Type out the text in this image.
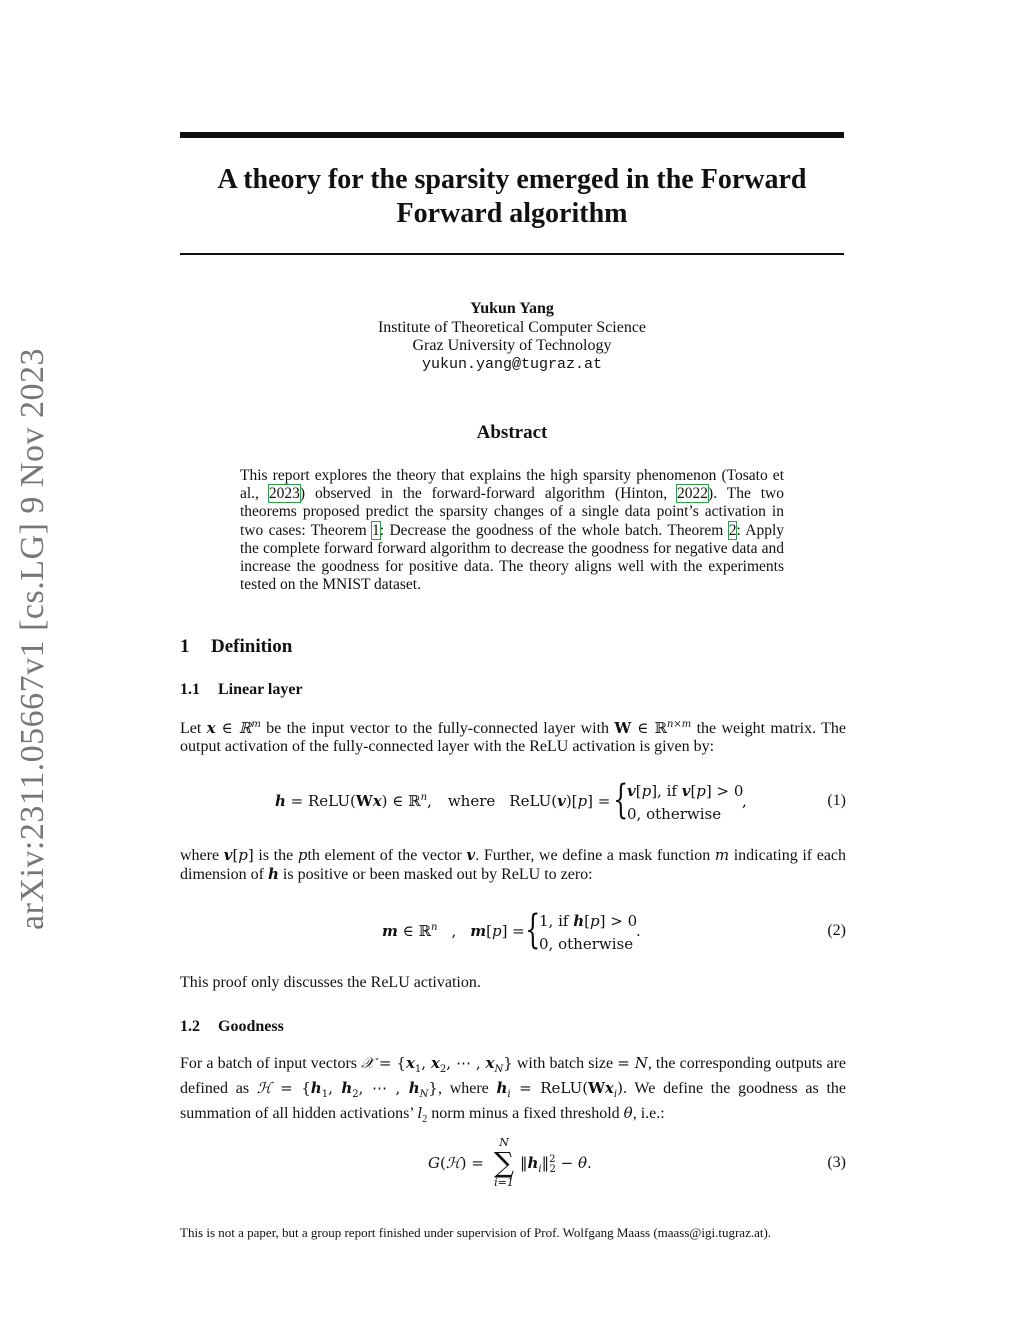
arXiv:2311.05667v1 [cs.LG] 9 Nov 2023
A theory for the sparsity emerged in the Forward
Forward algorithm
Yukun Yang
Institute of Theoretical Computer Science
Graz University of Technology
yukun.yang@tugraz.at
Abstract
This report explores the theory that explains the high sparsity phenomenon (Tosato et al., 2023) observed in the forward-forward algorithm (Hinton, 2022). The two theorems proposed predict the sparsity changes of a single data point’s activation in two cases: Theorem 1: Decrease the goodness of the whole batch. Theorem 2: Apply the complete forward forward algorithm to decrease the goodness for negative data and increase the goodness for positive data. The theory aligns well with the experiments tested on the MNIST dataset.
1 Definition
1.1 Linear layer
Let x ∈ ℝ$^m$ be the input vector to the fully-connected layer with W ∈ ℝ$^{n\times m}$ the weight matrix. The output activation of the fully-connected layer with the ReLU activation is given by:
h = ReLU(Wx) ∈ ℝ$^n$, where ReLU(v)[p] = {
v[p], if v[p] > 0
0, otherwise
,	(1)
where v[p] is the pth element of the vector v. Further, we define a mask function m indicating if each dimension of h is positive or been masked out by ReLU to zero:
m ∈ ℝ$^n$ , m[p] = {
1, if h[p] > 0
0, otherwise
.	(2)
This proof only discusses the ReLU activation.
1.2 Goodness
For a batch of input vectors 𝒳 = {$x_1$, $x_2$, ⋯ , $x_N$} with batch size = N, the corresponding outputs are defined as ℋ = {$h_1$, $h_2$, ⋯ , $h_N$}, where $h_i$ = $ReLU(Wx_i)$. We define the goodness as the summation of all hidden activations’ $l_2$ norm minus a fixed threshold θ, i.e.:
G(ℋ) =
N
∑
i=1
$‖h_i‖^2_2 - \theta$.	(3)
This is not a paper, but a group report finished under supervision of Prof. Wolfgang Maass (maass@igi.tugraz.at).
